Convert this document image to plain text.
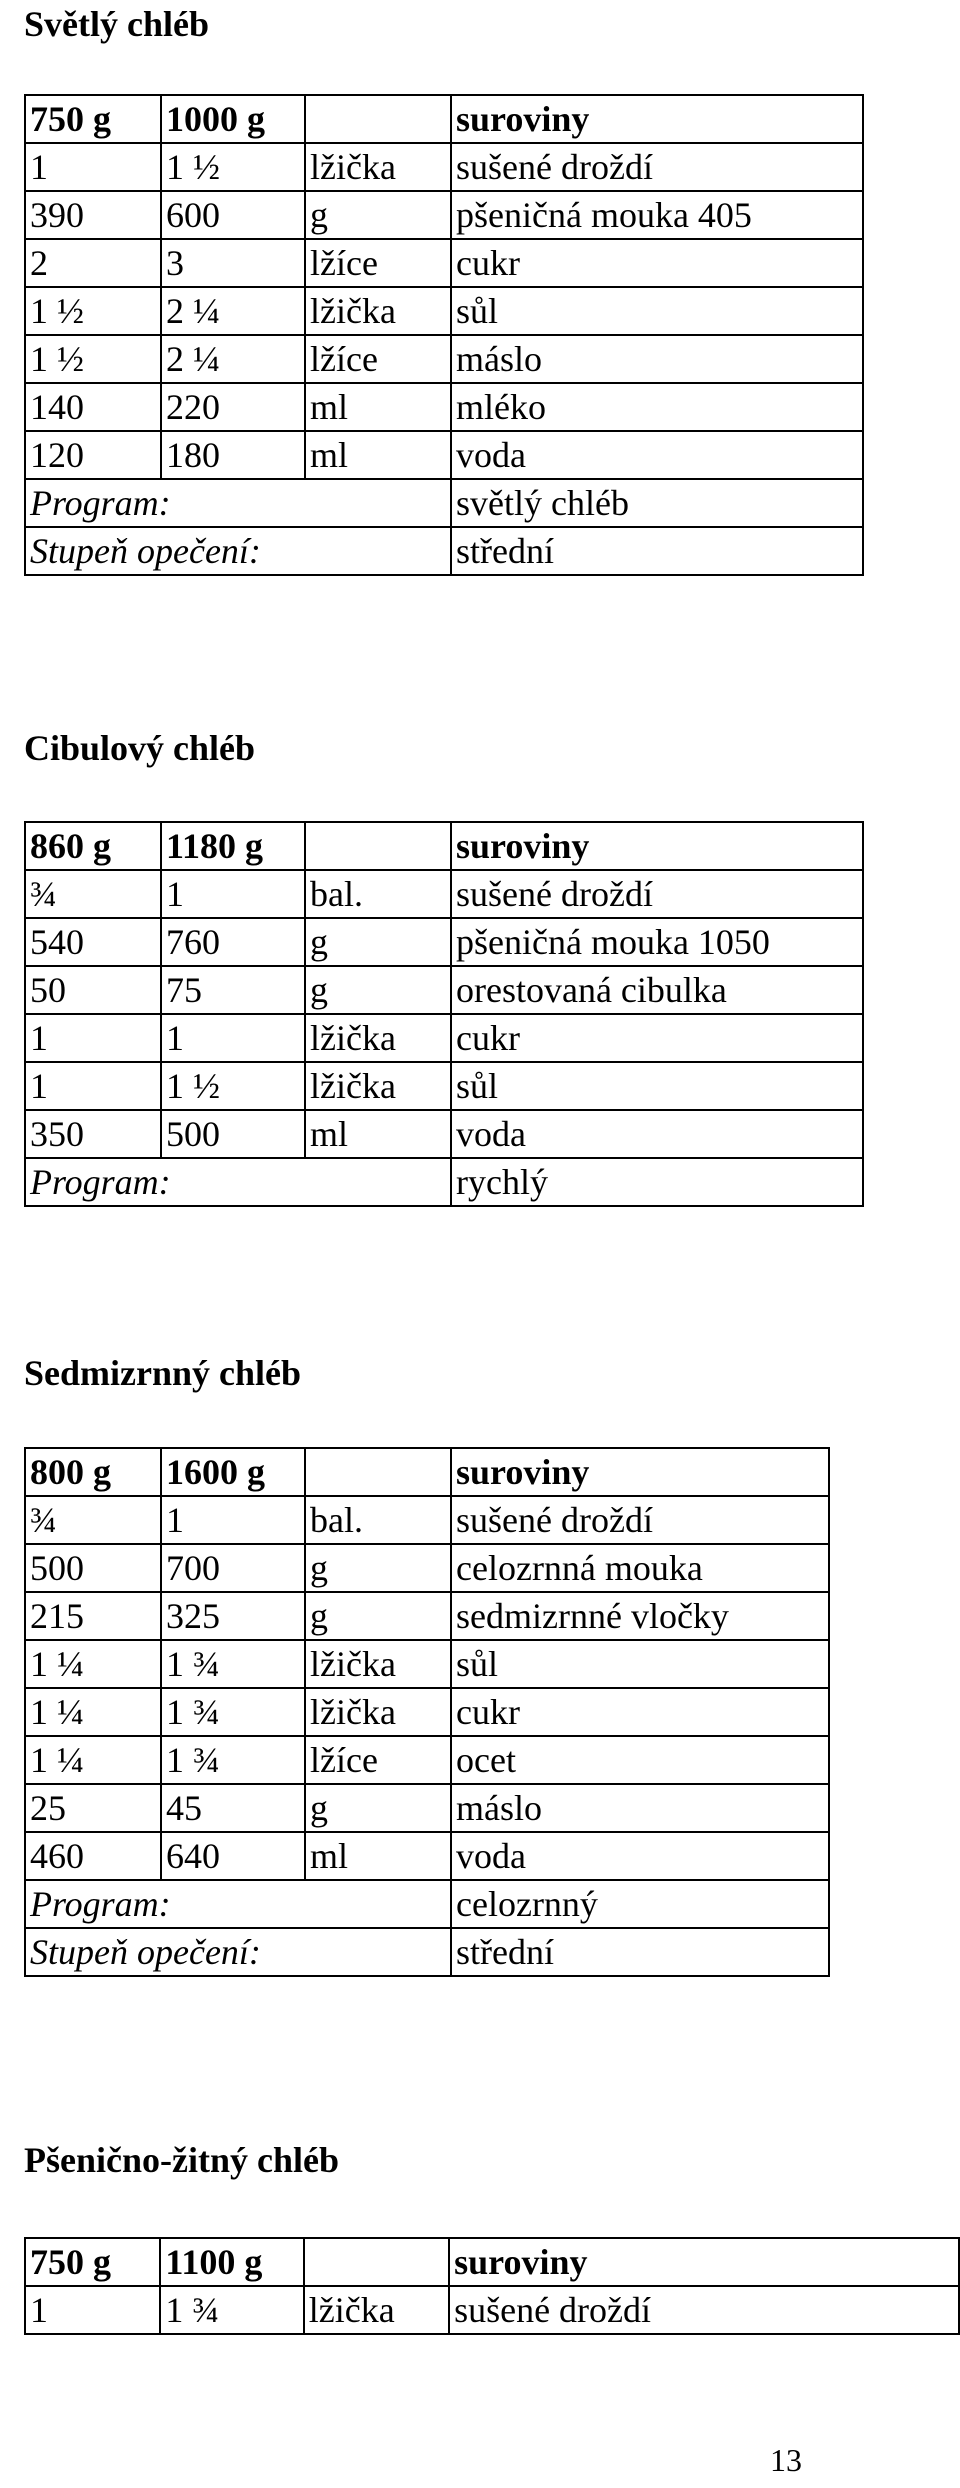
Světlý chléb
750 g	1000 g		suroviny
1	1 ½	lžička	sušené droždí
390	600	g	pšeničná mouka 405
2	3	lžíce	cukr
1 ½	2 ¼	lžička	sůl
1 ½	2 ¼	lžíce	máslo
140	220	ml	mléko
120	180	ml	voda
Program:			světlý chléb
Stupeň opečení:			střední
Cibulový chléb
860 g	1180 g		suroviny
¾	1	bal.	sušené droždí
540	760	g	pšeničná mouka 1050
50	75	g	orestovaná cibulka
1	1	lžička	cukr
1	1 ½	lžička	sůl
350	500	ml	voda
Program:			rychlý
Sedmizrnný chléb
800 g	1600 g		suroviny
¾	1	bal.	sušené droždí
500	700	g	celozrnná mouka
215	325	g	sedmizrnné vločky
1 ¼	1 ¾	lžička	sůl
1 ¼	1 ¾	lžička	cukr
1 ¼	1 ¾	lžíce	ocet
25	45	g	máslo
460	640	ml	voda
Program:			celozrnný
Stupeň opečení:			střední
Pšeničnо-žitný chléb
750 g	1100 g		suroviny
1	1 ¾	lžička	sušené droždí
13
